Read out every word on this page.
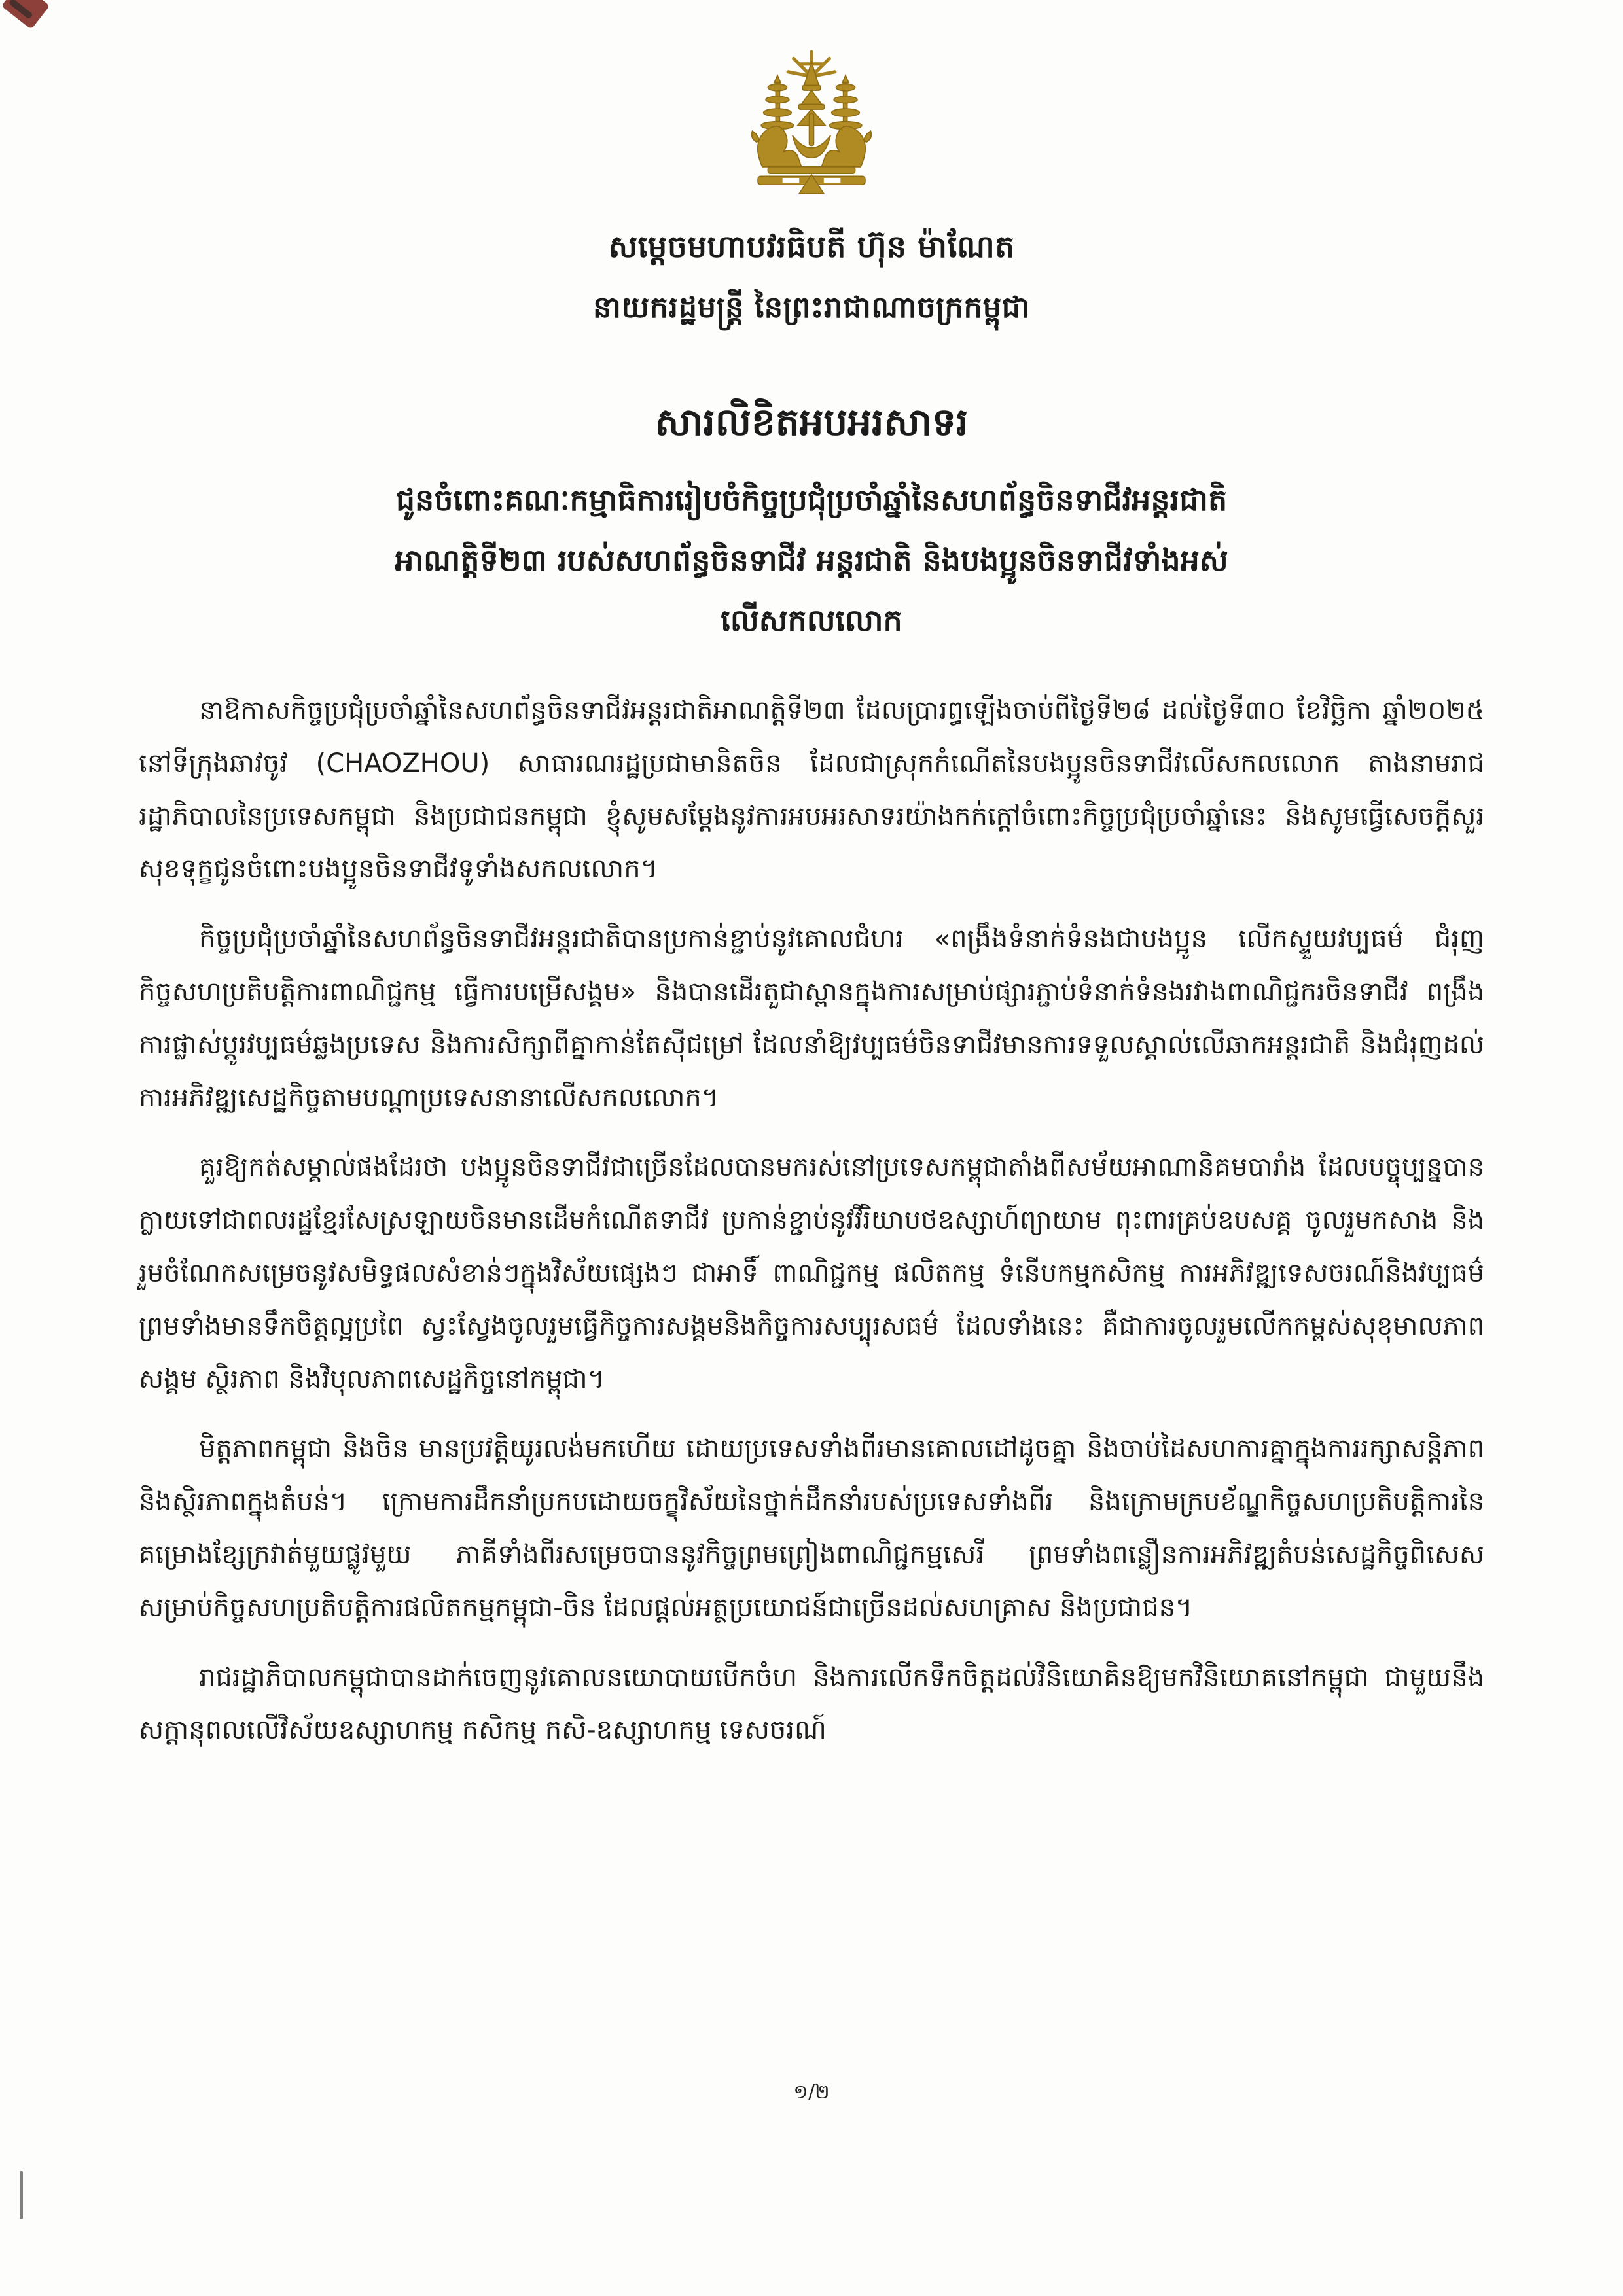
សម្តេចមហាបវរធិបតី ហ៊ុន ម៉ាណែត
នាយករដ្ឋមន្ត្រី នៃព្រះរាជាណាចក្រកម្ពុជា
សារលិខិតអបអរសាទរ
ជូនចំពោះគណៈកម្មាធិការរៀបចំកិច្ចប្រជុំប្រចាំឆ្នាំនៃសហព័ន្ធចិនទាជីវអន្តរជាតិ
អាណត្តិទី២៣ របស់សហព័ន្ធចិនទាជីវ អន្តរជាតិ និងបងប្អូនចិនទាជីវទាំងអស់
លើសកលលោក

នាឱកាសកិច្ចប្រជុំប្រចាំឆ្នាំនៃសហព័ន្ធចិនទាជីវអន្តរជាតិអាណត្តិទី២៣ ដែលប្រារព្ធឡើងចាប់ពីថ្ងៃទី២៨ ដល់ថ្ងៃទី៣០ ខែវិច្ឆិកា ឆ្នាំ២០២៥ នៅទីក្រុងឆាវចូវ (CHAOZHOU) សាធារណរដ្ឋប្រជាមានិតចិន ដែលជាស្រុកកំណើតនៃបងប្អូនចិនទាជីវលើសកលលោក តាងនាមរាជរដ្ឋាភិបាលនៃប្រទេសកម្ពុជា និងប្រជាជនកម្ពុជា ខ្ញុំសូមសម្តែងនូវការអបអរសាទរយ៉ាងកក់ក្តៅចំពោះកិច្ចប្រជុំប្រចាំឆ្នាំនេះ និងសូមធ្វើសេចក្តីសួរសុខទុក្ខជូនចំពោះបងប្អូនចិនទាជីវទូទាំងសកលលោក។

កិច្ចប្រជុំប្រចាំឆ្នាំនៃសហព័ន្ធចិនទាជីវអន្តរជាតិបានប្រកាន់ខ្ជាប់នូវគោលជំហរ «ពង្រឹងទំនាក់ទំនងជាបងប្អូន លើកស្ទួយវប្បធម៌ ជំរុញកិច្ចសហប្រតិបត្តិការពាណិជ្ជកម្ម ធ្វើការបម្រើសង្គម» និងបានដើរតួជាស្ពានក្នុងការសម្រាប់ផ្សារភ្ជាប់ទំនាក់ទំនងរវាងពាណិជ្ជករចិនទាជីវ ពង្រឹងការផ្លាស់ប្តូរវប្បធម៌ឆ្លងប្រទេស និងការសិក្សាពីគ្នាកាន់តែស៊ីជម្រៅ ដែលនាំឱ្យវប្បធម៌ចិនទាជីវមានការទទួលស្គាល់លើឆាកអន្តរជាតិ និងជំរុញដល់ការអភិវឌ្ឍសេដ្ឋកិច្ចតាមបណ្តាប្រទេសនានាលើសកលលោក។

គួរឱ្យកត់សម្គាល់ផងដែរថា បងប្អូនចិនទាជីវជាច្រើនដែលបានមករស់នៅប្រទេសកម្ពុជាតាំងពីសម័យអាណានិគមបារាំង ដែលបច្ចុប្បន្នបានក្លាយទៅជាពលរដ្ឋខ្មែរសែស្រឡាយចិនមានដើមកំណើតទាជីវ ប្រកាន់ខ្ជាប់នូវវីរិយាបថឧស្សាហ៍ព្យាយាម ពុះពារគ្រប់ឧបសគ្គ ចូលរួមកសាង និងរួមចំណែកសម្រេចនូវសមិទ្ធផលសំខាន់ៗក្នុងវិស័យផ្សេងៗ ជាអាទិ៍ ពាណិជ្ជកម្ម ផលិតកម្ម ទំនើបកម្មកសិកម្ម ការអភិវឌ្ឍទេសចរណ៍និងវប្បធម៌ ព្រមទាំងមានទឹកចិត្តល្អប្រពៃ ស្វះស្វែងចូលរួមធ្វើកិច្ចការសង្គមនិងកិច្ចការសប្បុរសធម៌ ដែលទាំងនេះ គឺជាការចូលរួមលើកកម្ពស់សុខុមាលភាពសង្គម ស្ថិរភាព និងវិបុលភាពសេដ្ឋកិច្ចនៅកម្ពុជា។

មិត្តភាពកម្ពុជា និងចិន មានប្រវត្តិយូរលង់មកហើយ ដោយប្រទេសទាំងពីរមានគោលដៅដូចគ្នា និងចាប់ដៃសហការគ្នាក្នុងការរក្សាសន្តិភាព និងស្ថិរភាពក្នុងតំបន់។ ក្រោមការដឹកនាំប្រកបដោយចក្ខុវិស័យនៃថ្នាក់ដឹកនាំរបស់ប្រទេសទាំងពីរ និងក្រោមក្របខ័ណ្ឌកិច្ចសហប្រតិបត្តិការនៃគម្រោងខ្សែក្រវាត់មួយផ្លូវមួយ ភាគីទាំងពីរសម្រេចបាននូវកិច្ចព្រមព្រៀងពាណិជ្ជកម្មសេរី ព្រមទាំងពន្លឿនការអភិវឌ្ឍតំបន់សេដ្ឋកិច្ចពិសេសសម្រាប់កិច្ចសហប្រតិបត្តិការផលិតកម្មកម្ពុជា-ចិន ដែលផ្តល់អត្ថប្រយោជន៍ជាច្រើនដល់សហគ្រាស និងប្រជាជន។

រាជរដ្ឋាភិបាលកម្ពុជាបានដាក់ចេញនូវគោលនយោបាយបើកចំហ និងការលើកទឹកចិត្តដល់វិនិយោគិនឱ្យមកវិនិយោគនៅកម្ពុជា ជាមួយនឹងសក្តានុពលលើវិស័យឧស្សាហកម្ម កសិកម្ម កសិ-ឧស្សាហកម្ម ទេសចរណ៍

១/២
